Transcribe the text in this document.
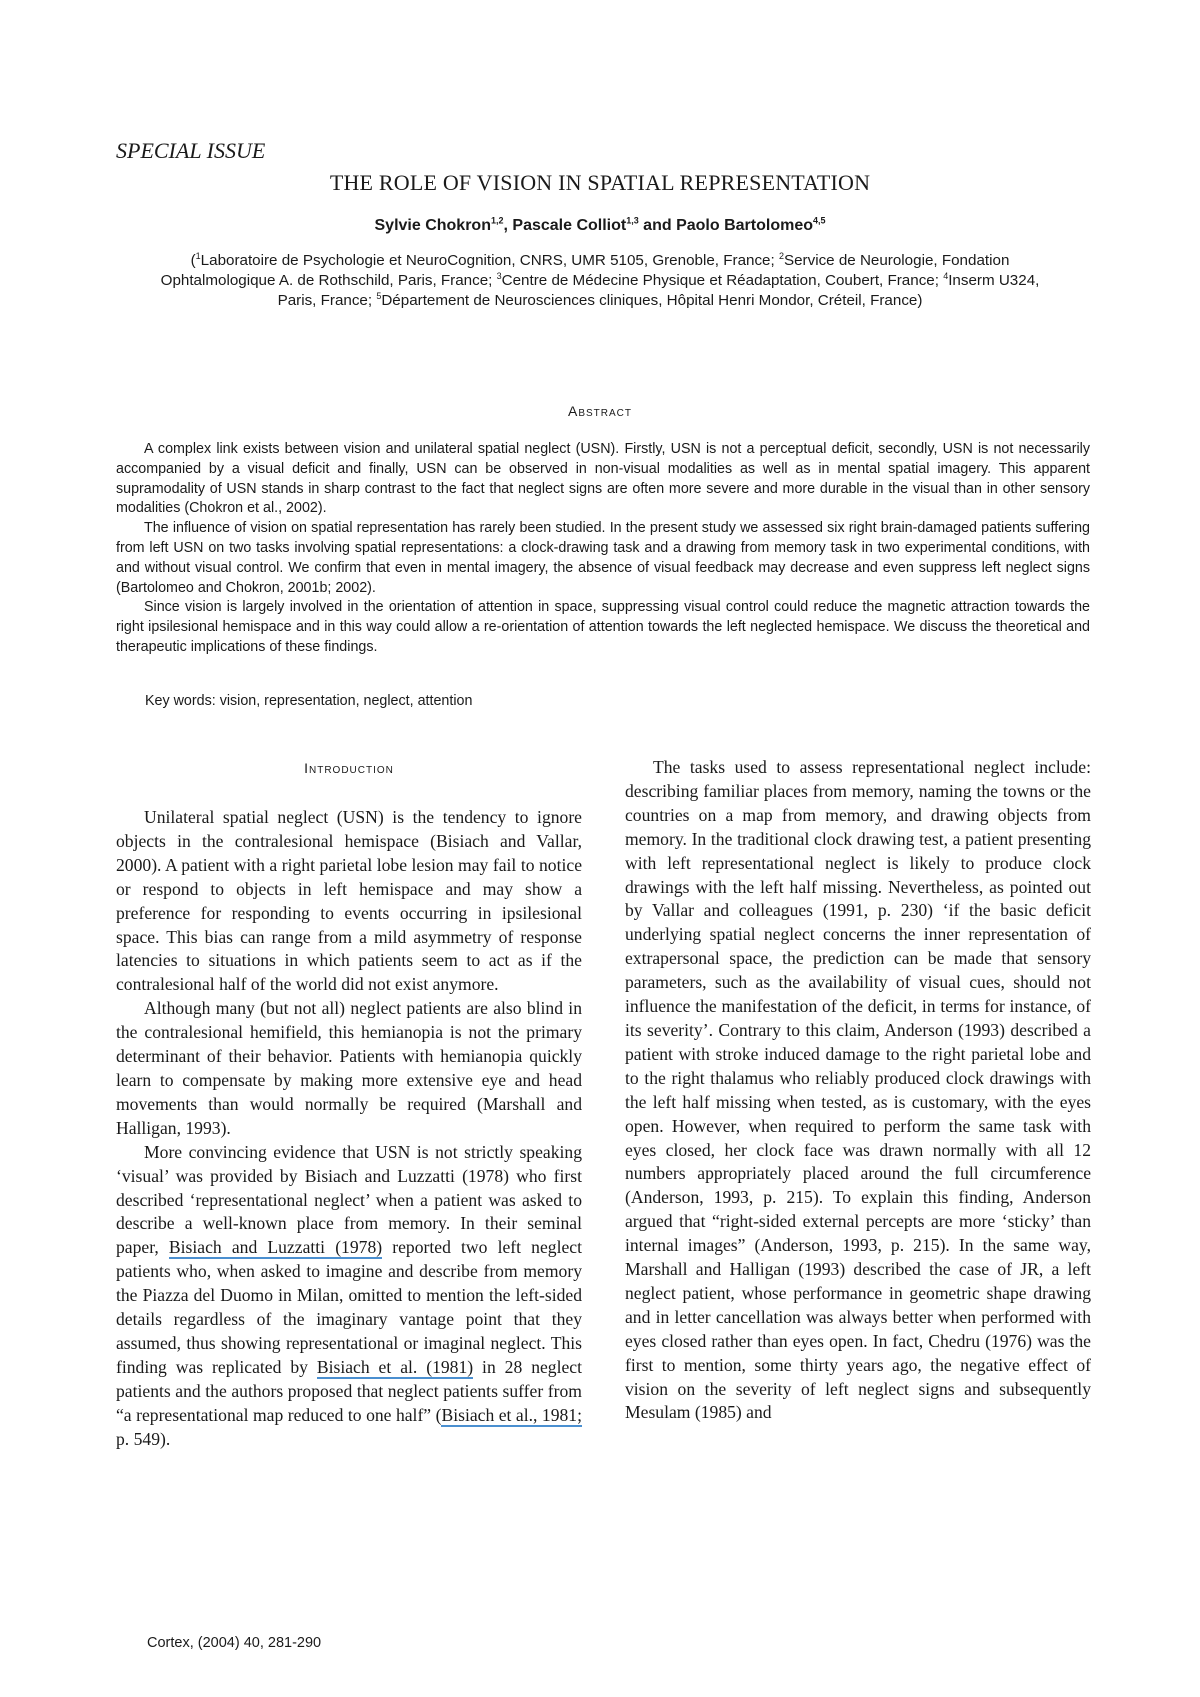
SPECIAL ISSUE
THE ROLE OF VISION IN SPATIAL REPRESENTATION
Sylvie Chokron$^{1,2}$, Pascale Colliot$^{1,3}$ and Paolo Bartolomeo$^{4,5}$
($^1$Laboratoire de Psychologie et NeuroCognition, CNRS, UMR 5105, Grenoble, France; $^2$Service de Neurologie, Fondation Ophtalmologique A. de Rothschild, Paris, France; $^3$Centre de Médecine Physique et Réadaptation, Coubert, France; $^4$Inserm U324, Paris, France; $^5$Département de Neurosciences cliniques, Hôpital Henri Mondor, Créteil, France)
Abstract

A complex link exists between vision and unilateral spatial neglect (USN). Firstly, USN is not a perceptual deficit, secondly, USN is not necessarily accompanied by a visual deficit and finally, USN can be observed in non-visual modalities as well as in mental spatial imagery. This apparent supramodality of USN stands in sharp contrast to the fact that neglect signs are often more severe and more durable in the visual than in other sensory modalities (Chokron et al., 2002).

The influence of vision on spatial representation has rarely been studied. In the present study we assessed six right brain-damaged patients suffering from left USN on two tasks involving spatial representations: a clock-drawing task and a drawing from memory task in two experimental conditions, with and without visual control. We confirm that even in mental imagery, the absence of visual feedback may decrease and even suppress left neglect signs (Bartolomeo and Chokron, 2001b; 2002).

Since vision is largely involved in the orientation of attention in space, suppressing visual control could reduce the magnetic attraction towards the right ipsilesional hemispace and in this way could allow a re-orientation of attention towards the left neglected hemispace. We discuss the theoretical and therapeutic implications of these findings.

Key words: vision, representation, neglect, attention
Introduction

Unilateral spatial neglect (USN) is the tendency to ignore objects in the contralesional hemispace (Bisiach and Vallar, 2000). A patient with a right parietal lobe lesion may fail to notice or respond to objects in left hemispace and may show a preference for responding to events occurring in ipsilesional space. This bias can range from a mild asymmetry of response latencies to situations in which patients seem to act as if the contralesional half of the world did not exist anymore.

Although many (but not all) neglect patients are also blind in the contralesional hemifield, this hemianopia is not the primary determinant of their behavior. Patients with hemianopia quickly learn to compensate by making more extensive eye and head movements than would normally be required (Marshall and Halligan, 1993).

More convincing evidence that USN is not strictly speaking ‘visual’ was provided by Bisiach and Luzzatti (1978) who first described ‘representational neglect’ when a patient was asked to describe a well-known place from memory. In their seminal paper, Bisiach and Luzzatti (1978) reported two left neglect patients who, when asked to imagine and describe from memory the Piazza del Duomo in Milan, omitted to mention the left-sided details regardless of the imaginary vantage point that they assumed, thus showing representational or imaginal neglect. This finding was replicated by Bisiach et al. (1981) in 28 neglect patients and the authors proposed that neglect patients suffer from “a representational map reduced to one half” (Bisiach et al., 1981; p. 549).

The tasks used to assess representational neglect include: describing familiar places from memory, naming the towns or the countries on a map from memory, and drawing objects from memory. In the traditional clock drawing test, a patient presenting with left representational neglect is likely to produce clock drawings with the left half missing. Nevertheless, as pointed out by Vallar and colleagues (1991, p. 230) ‘if the basic deficit underlying spatial neglect concerns the inner representation of extrapersonal space, the prediction can be made that sensory parameters, such as the availability of visual cues, should not influence the manifestation of the deficit, in terms for instance, of its severity’. Contrary to this claim, Anderson (1993) described a patient with stroke induced damage to the right parietal lobe and to the right thalamus who reliably produced clock drawings with the left half missing when tested, as is customary, with the eyes open. However, when required to perform the same task with eyes closed, her clock face was drawn normally with all 12 numbers appropriately placed around the full circumference (Anderson, 1993, p. 215). To explain this finding, Anderson argued that “right-sided external percepts are more ‘sticky’ than internal images” (Anderson, 1993, p. 215). In the same way, Marshall and Halligan (1993) described the case of JR, a left neglect patient, whose performance in geometric shape drawing and in letter cancellation was always better when performed with eyes closed rather than eyes open. In fact, Chedru (1976) was the first to mention, some thirty years ago, the negative effect of vision on the severity of left neglect signs and subsequently Mesulam (1985) and

Cortex, (2004) 40, 281-290
